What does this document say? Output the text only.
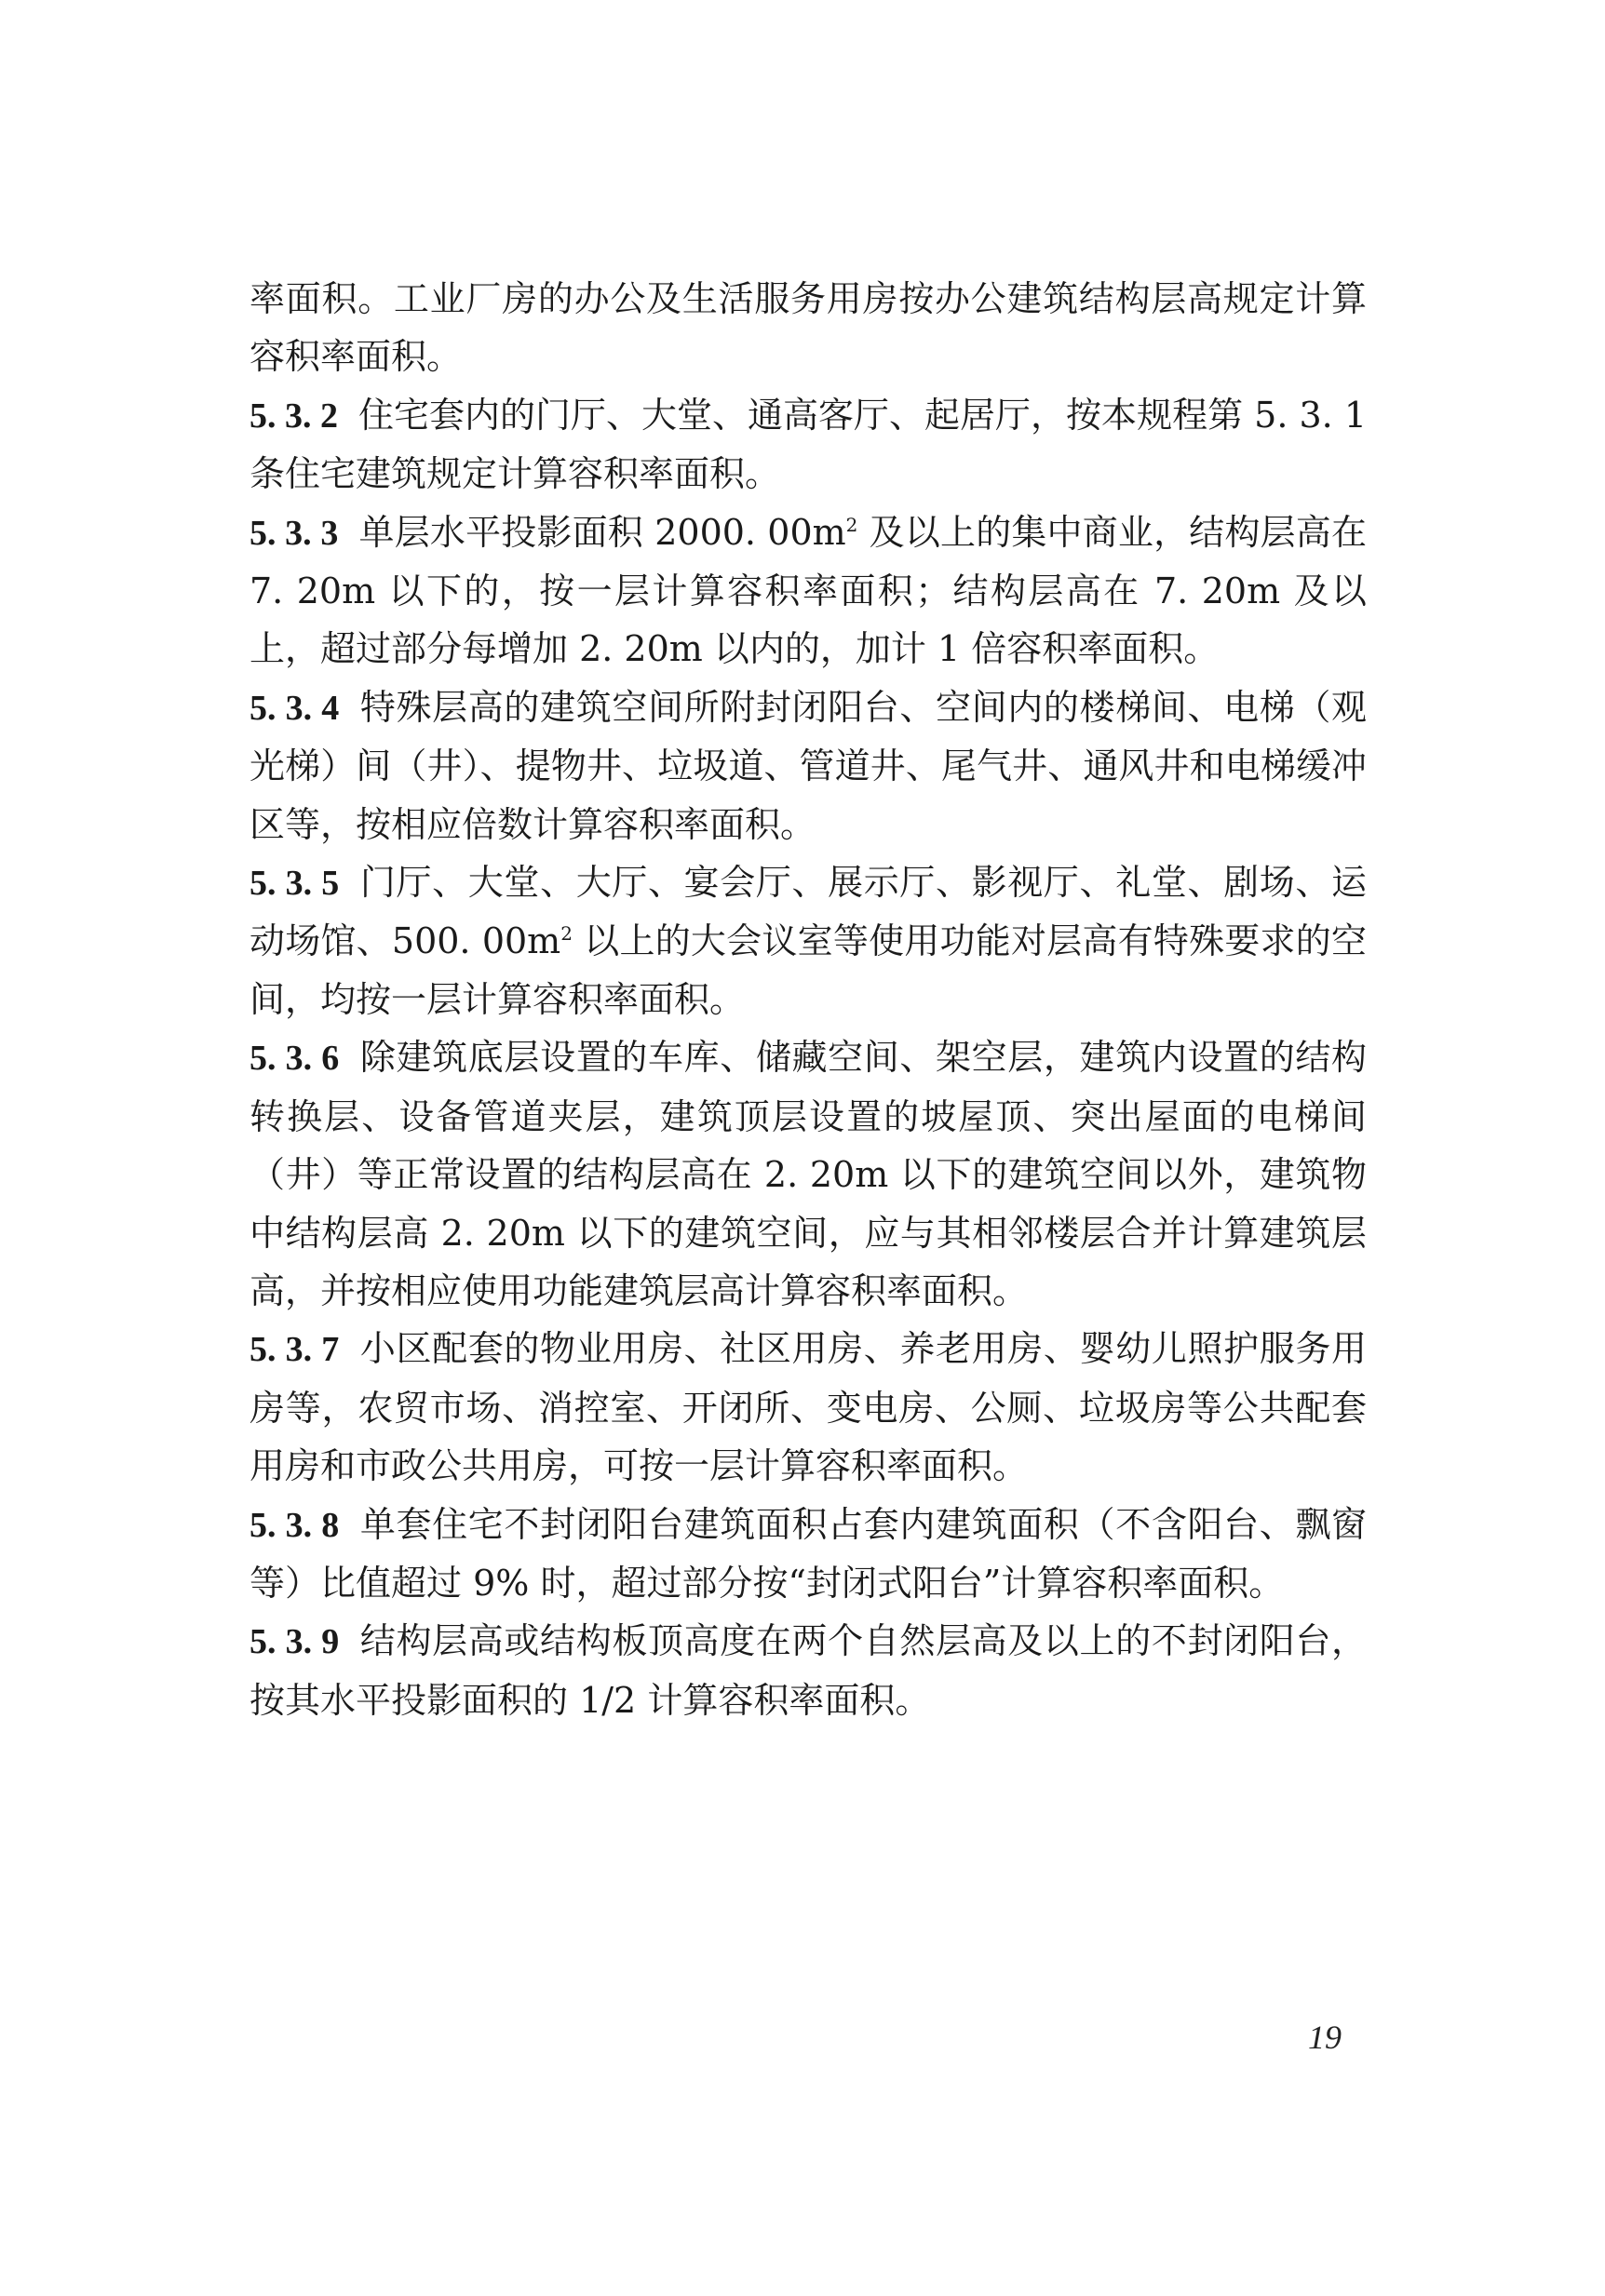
率面积。工业厂房的办公及生活服务用房按办公建筑结构层高规定计算容积率面积。

5. 3. 2 住宅套内的门厅、大堂、通高客厅、起居厅，按本规程第 5. 3. 1 条住宅建筑规定计算容积率面积。

5. 3. 3 单层水平投影面积 2000. $00m^2$ 及以上的集中商业，结构层高在 7. 20m 以下的，按一层计算容积率面积；结构层高在 7. 20m 及以上，超过部分每增加 2. 20m 以内的，加计 1 倍容积率面积。

5. 3. 4 特殊层高的建筑空间所附封闭阳台、空间内的楼梯间、电梯（观光梯）间（井）、提物井、垃圾道、管道井、尾气井、通风井和电梯缓冲区等，按相应倍数计算容积率面积。

5. 3. 5 门厅、大堂、大厅、宴会厅、展示厅、影视厅、礼堂、剧场、运动场馆、500. $00m^2$ 以上的大会议室等使用功能对层高有特殊要求的空间，均按一层计算容积率面积。

5. 3. 6 除建筑底层设置的车库、储藏空间、架空层，建筑内设置的结构转换层、设备管道夹层，建筑顶层设置的坡屋顶、突出屋面的电梯间（井）等正常设置的结构层高在 2. 20m 以下的建筑空间以外，建筑物中结构层高 2. 20m 以下的建筑空间，应与其相邻楼层合并计算建筑层高，并按相应使用功能建筑层高计算容积率面积。

5. 3. 7 小区配套的物业用房、社区用房、养老用房、婴幼儿照护服务用房等，农贸市场、消控室、开闭所、变电房、公厕、垃圾房等公共配套用房和市政公共用房，可按一层计算容积率面积。

5. 3. 8 单套住宅不封闭阳台建筑面积占套内建筑面积（不含阳台、飘窗等）比值超过 9% 时，超过部分按“封闭式阳台”计算容积率面积。

5. 3. 9 结构层高或结构板顶高度在两个自然层高及以上的不封闭阳台，按其水平投影面积的 1/2 计算容积率面积。

19
